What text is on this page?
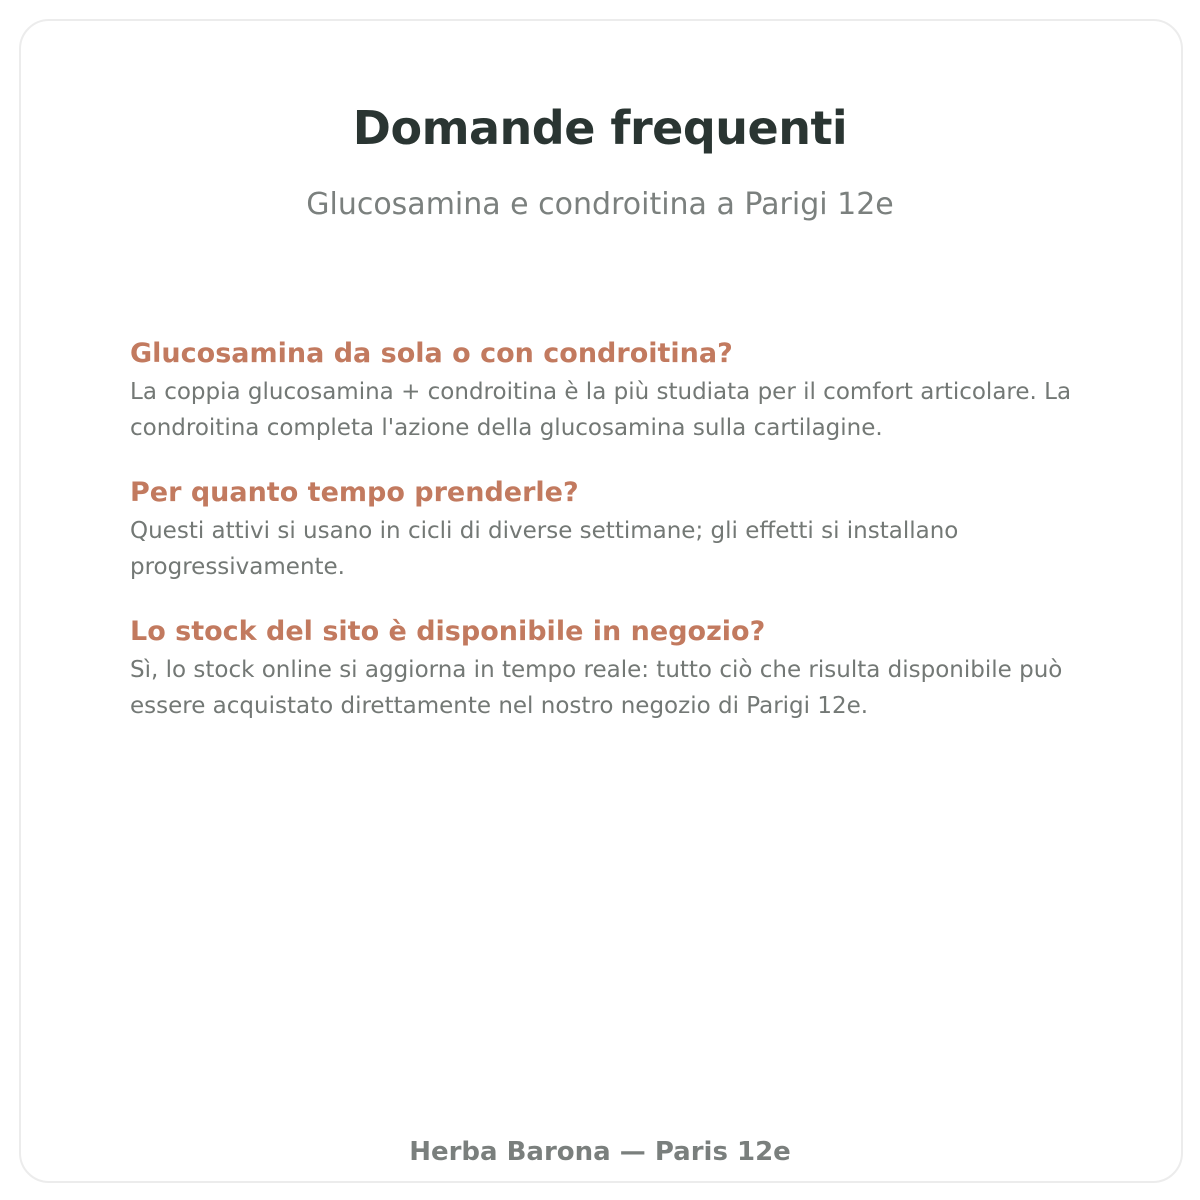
Domande frequenti
Glucosamina e condroitina a Parigi 12e
Glucosamina da sola o con condroitina?
La coppia glucosamina + condroitina è la più studiata per il comfort articolare. La condroitina completa l'azione della glucosamina sulla cartilagine.
Per quanto tempo prenderle?
Questi attivi si usano in cicli di diverse settimane; gli effetti si installano progressivamente.
Lo stock del sito è disponibile in negozio?
Sì, lo stock online si aggiorna in tempo reale: tutto ciò che risulta disponibile può essere acquistato direttamente nel nostro negozio di Parigi 12e.
Herba Barona — Paris 12e
